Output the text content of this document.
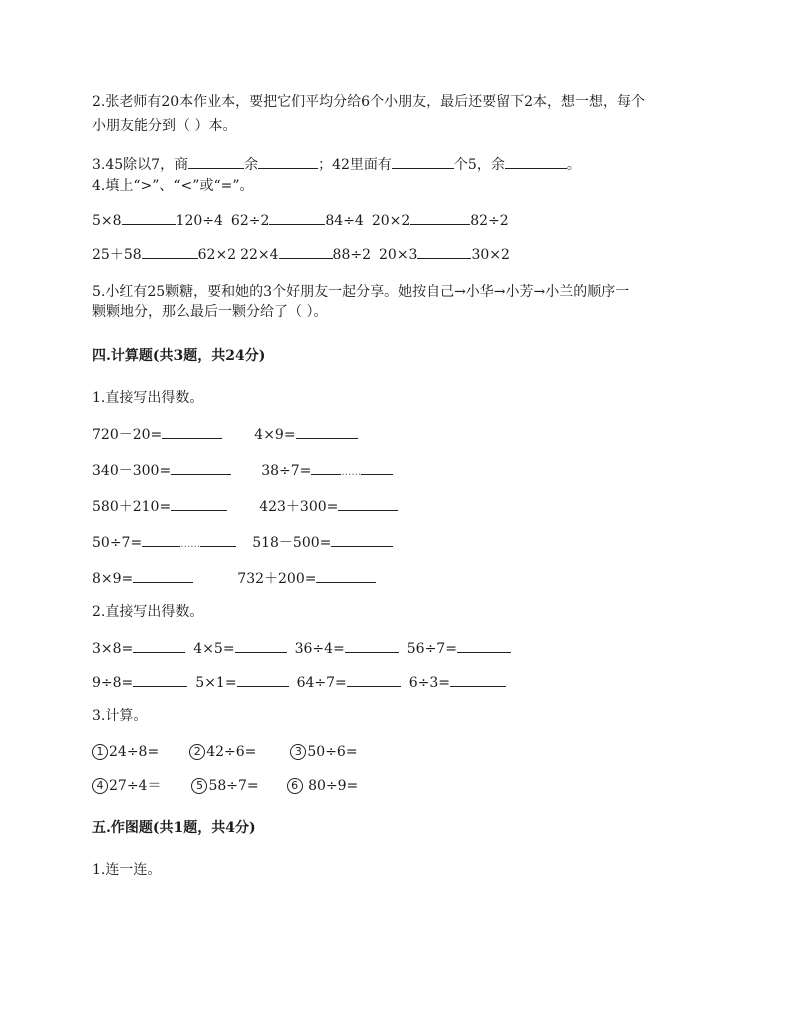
2.张老师有20本作业本，要把它们平均分给6个小朋友，最后还要留下2本，想一想，每个
小朋友能分到（ ）本。
3.45除以7，商	余	；42里面有	个5，余	。
4.填上“>”、“<”或“=”。
5×8	120÷4 62÷2	84÷4 20×2	82÷2
25＋58	62×2 22×4	88÷2 20×3	30×2
5.小红有25颗糖，要和她的3个好朋友一起分享。她按自己→小华→小芳→小兰的顺序一
颗颗地分，那么最后一颗分给了（ ）。
四.计算题(共3题，共24分)
1.直接写出得数。
720－20=	4×9=
340－300=	38÷7=	……
580＋210=	423＋300=
50÷7=	……	518－500=
8×9=	732＋200=
2.直接写出得数。
3×8=	4×5=	36÷4=	56÷7=
9÷8=	5×1=	64÷7=	6÷3=
3.计算。
1 24÷8=	2 42÷6=	3 50÷6=
4 27÷4＝	5 58÷7=	6 80÷9=
五.作图题(共1题，共4分)
1.连一连。
